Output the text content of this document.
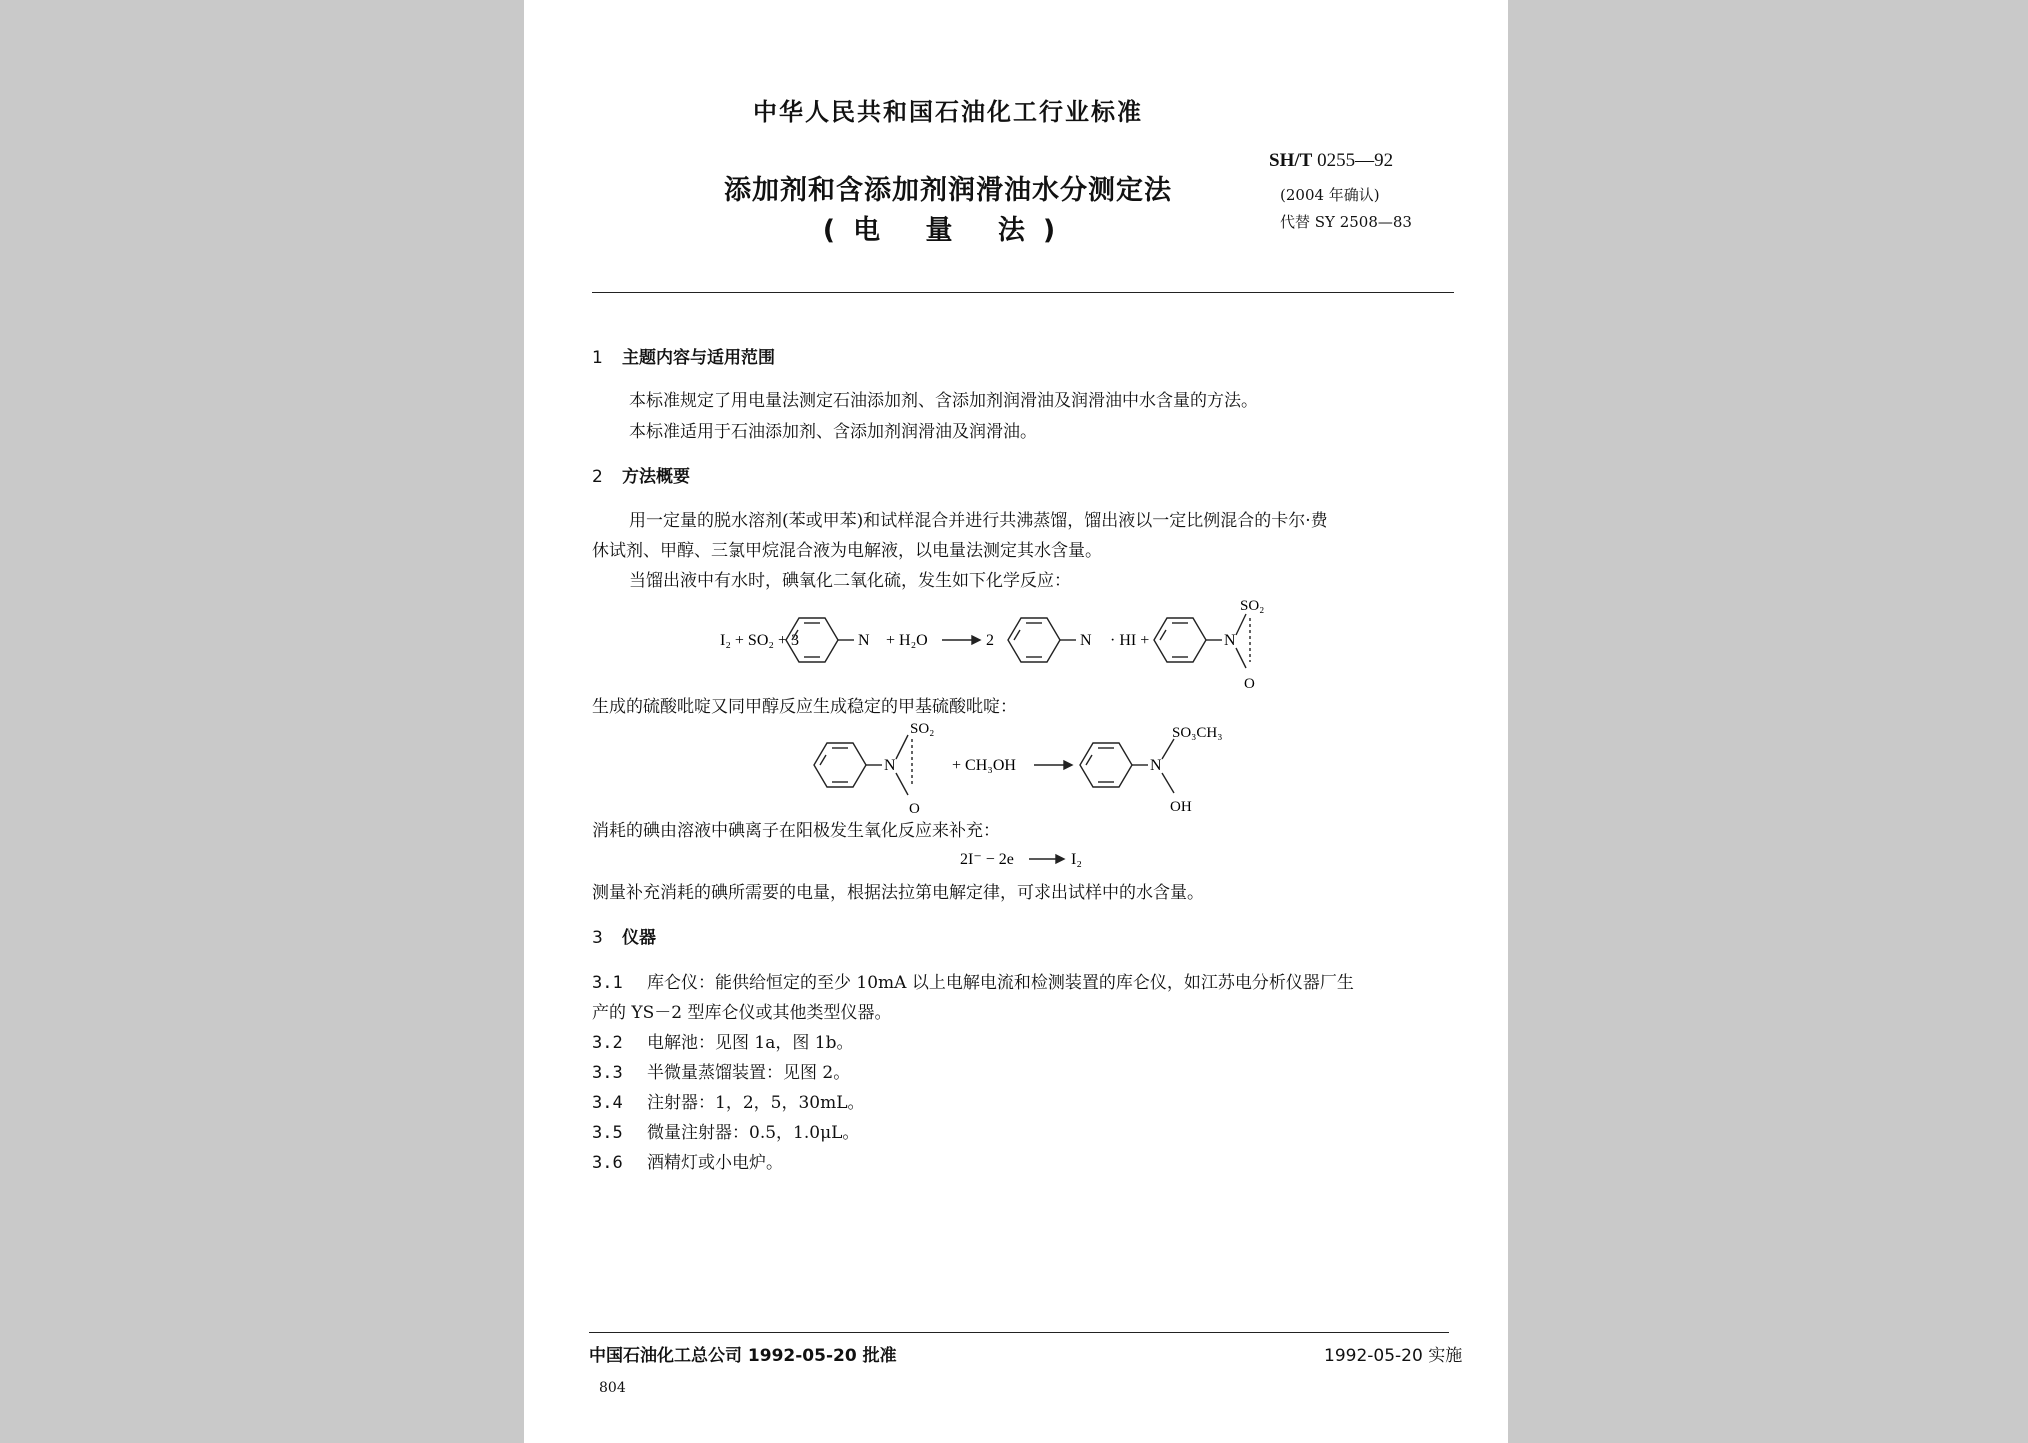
中华人民共和国石油化工行业标准
添加剂和含添加剂润滑油水分测定法
(电 量 法)
SH/T 0255—92
(2004 年确认)
代替 SY 2508—83
1 主题内容与适用范围
本标准规定了用电量法测定石油添加剂、含添加剂润滑油及润滑油中水含量的方法。
本标准适用于石油添加剂、含添加剂润滑油及润滑油。
2 方法概要
用一定量的脱水溶剂(苯或甲苯)和试样混合并进行共沸蒸馏，馏出液以一定比例混合的卡尔·费
休试剂、甲醇、三氯甲烷混合液为电解液，以电量法测定其水含量。
当馏出液中有水时，碘氧化二氧化硫，发生如下化学反应：
I₂ + SO₂ + 3	N + H₂O	2	N · HI +	N
SO₂
O
生成的硫酸吡啶又同甲醇反应生成稳定的甲基硫酸吡啶：
N
SO₂
O
+ CH₃OH	N
SO₃CH₃
OH
消耗的碘由溶液中碘离子在阳极发生氧化反应来补充：
2I⁻ − 2e	I₂
测量补充消耗的碘所需要的电量，根据法拉第电解定律，可求出试样中的水含量。
3 仪器
3.1 库仑仪：能供给恒定的至少 10mA 以上电解电流和检测装置的库仑仪，如江苏电分析仪器厂生
产的 YS－2 型库仑仪或其他类型仪器。
3.2 电解池：见图 1a，图 1b。
3.3 半微量蒸馏装置：见图 2。
3.4 注射器：1，2，5，30mL。
3.5 微量注射器：0.5，1.0μL。
3.6 酒精灯或小电炉。
中国石油化工总公司 1992-05-20 批准	1992-05-20 实施
804
